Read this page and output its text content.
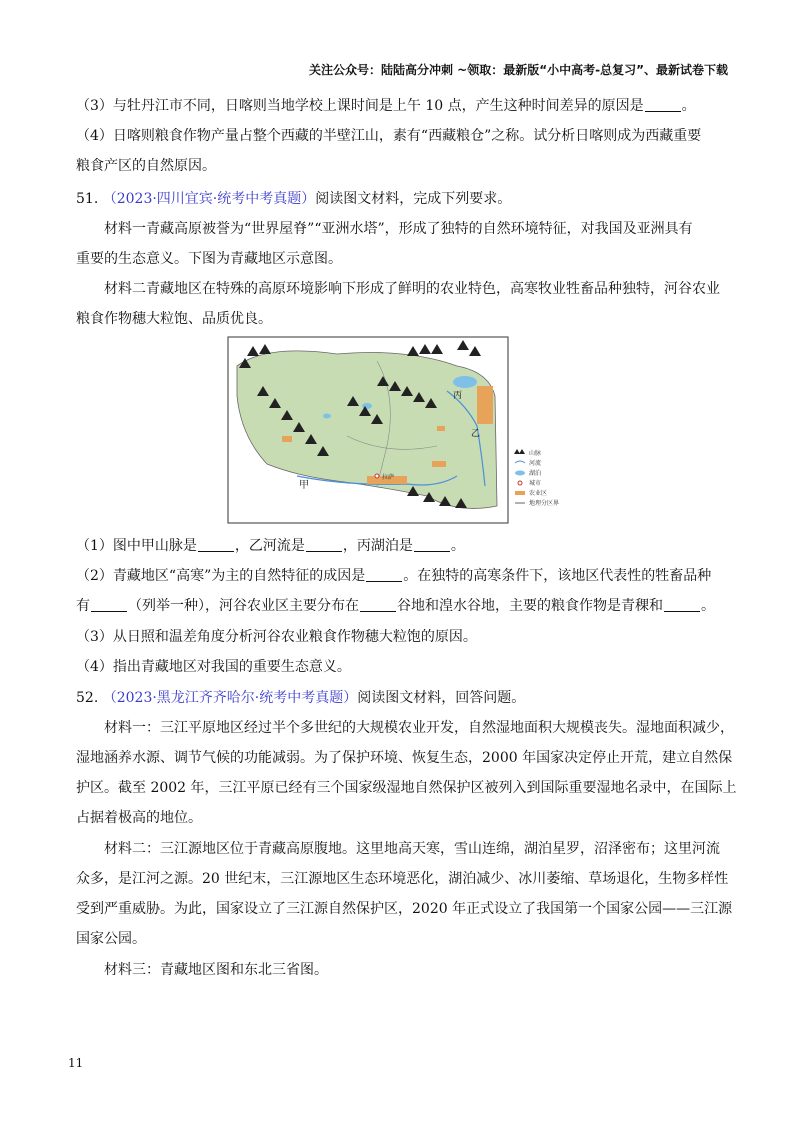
关注公众号：陆陆高分冲刺 ~领取：最新版“小中高考-总复习”、最新试卷下载
（3）与牡丹江市不同，日喀则当地学校上课时间是上午 10 点，产生这种时间差异的原因是	。
（4）日喀则粮食作物产量占整个西藏的半壁江山，素有“西藏粮仓”之称。试分析日喀则成为西藏重要
粮食产区的自然原因。
51. （2023·四川宜宾·统考中考真题）阅读图文材料，完成下列要求。
材料一青藏高原被誉为“世界屋脊”“亚洲水塔”，形成了独特的自然环境特征，对我国及亚洲具有
重要的生态意义。下图为青藏地区示意图。
材料二青藏地区在特殊的高原环境影响下形成了鲜明的农业特色，高寒牧业牲畜品种独特，河谷农业
粮食作物穗大粒饱、品质优良。
拉萨
甲
乙
丙
山脉
河流
湖泊
城市
农业区
地理分区界
（1）图中甲山脉是	，乙河流是	，丙湖泊是	。
（2）青藏地区“高寒”为主的自然特征的成因是	。在独特的高寒条件下，该地区代表性的牲畜品种
有	（列举一种），河谷农业区主要分布在	谷地和湟水谷地，主要的粮食作物是青稞和	。
（3）从日照和温差角度分析河谷农业粮食作物穗大粒饱的原因。
（4）指出青藏地区对我国的重要生态意义。
52. （2023·黑龙江齐齐哈尔·统考中考真题）阅读图文材料，回答问题。
材料一：三江平原地区经过半个多世纪的大规模农业开发，自然湿地面积大规模丧失。湿地面积减少，
湿地涵养水源、调节气候的功能减弱。为了保护环境、恢复生态，2000 年国家决定停止开荒，建立自然保
护区。截至 2002 年，三江平原已经有三个国家级湿地自然保护区被列入到国际重要湿地名录中，在国际上
占据着极高的地位。
材料二：三江源地区位于青藏高原腹地。这里地高天寒，雪山连绵，湖泊星罗，沼泽密布；这里河流
众多，是江河之源。20 世纪末，三江源地区生态环境恶化，湖泊减少、冰川萎缩、草场退化，生物多样性
受到严重威胁。为此，国家设立了三江源自然保护区，2020 年正式设立了我国第一个国家公园——三江源
国家公园。
材料三：青藏地区图和东北三省图。
11
